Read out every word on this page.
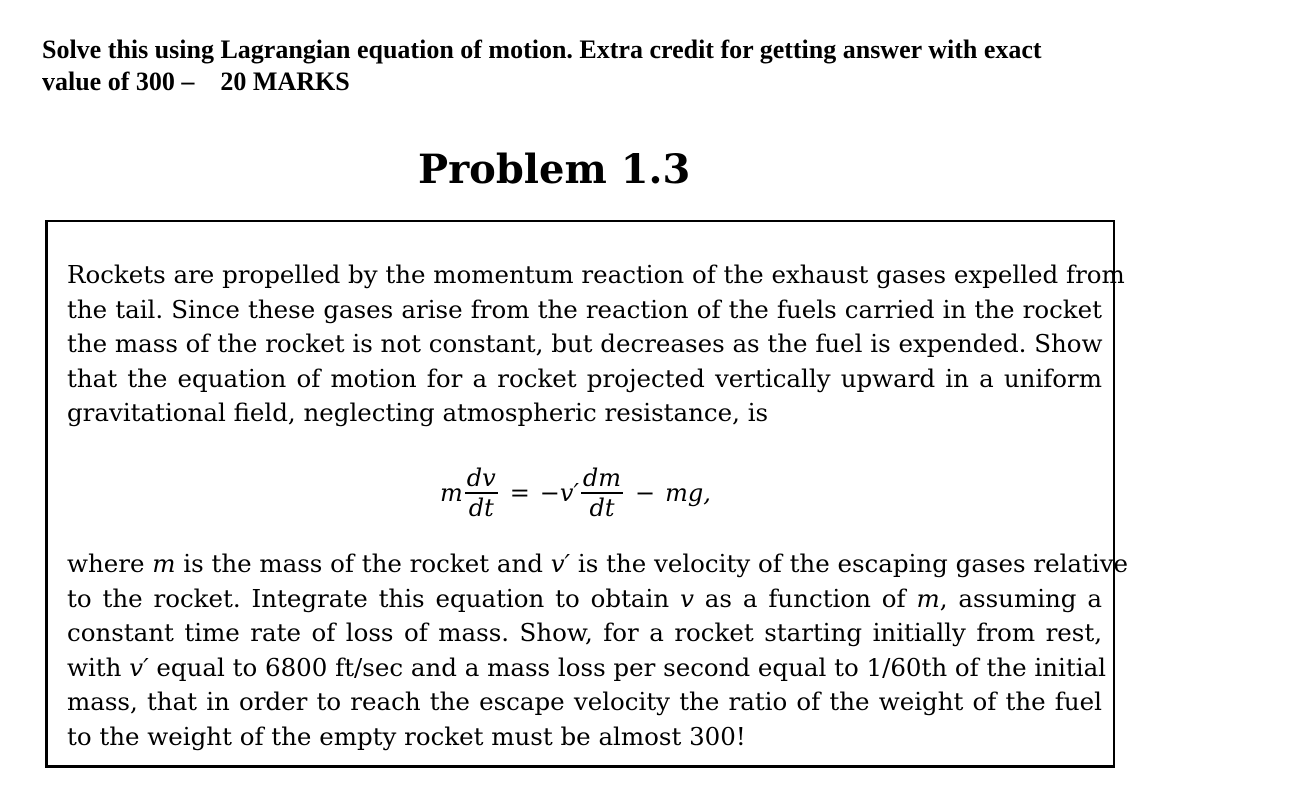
Solve this using Lagrangian equation of motion. Extra credit for getting answer with exact
value of 300 – 20 MARKS
Problem 1.3

Rockets are propelled by the momentum reaction of the exhaust gases expelled from
the tail. Since these gases arise from the reaction of the fuels carried in the rocket
the mass of the rocket is not constant, but decreases as the fuel is expended. Show
that the equation of motion for a rocket projected vertically upward in a uniform
gravitational field, neglecting atmospheric resistance, is

m $\frac{dv}{dt} = -v' \frac{dm}{dt}$ − mg,

where m is the mass of the rocket and v′ is the velocity of the escaping gases relative
to the rocket. Integrate this equation to obtain v as a function of m, assuming a
constant time rate of loss of mass. Show, for a rocket starting initially from rest,
with v′ equal to 6800 ft/sec and a mass loss per second equal to 1/60th of the initial
mass, that in order to reach the escape velocity the ratio of the weight of the fuel
to the weight of the empty rocket must be almost 300!
